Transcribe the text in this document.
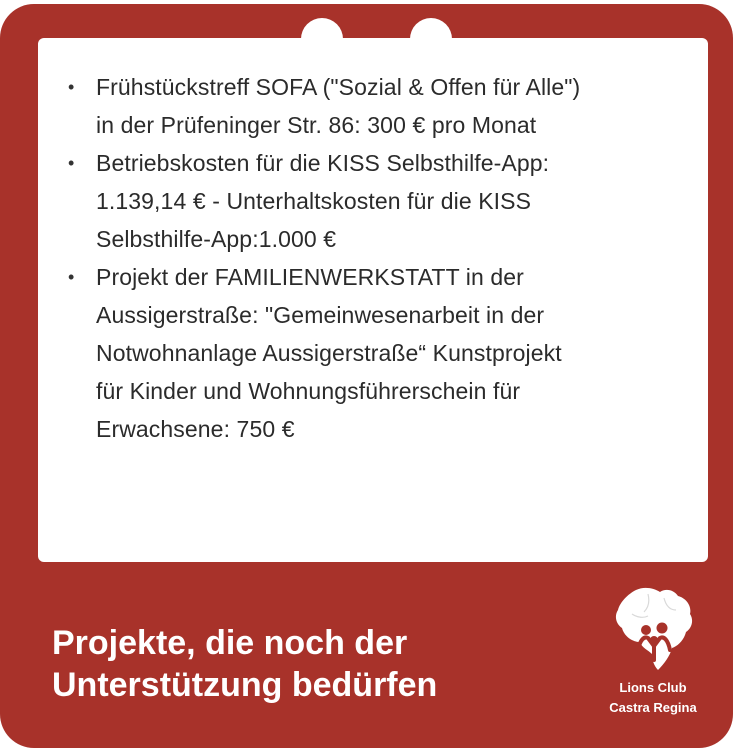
• Frühstückstreff SOFA ("Sozial & Offen für Alle")
in der Prüfeninger Str. 86: 300 € pro Monat
• Betriebskosten für die KISS Selbsthilfe-App:
1.139,14 € - Unterhaltskosten für die KISS
Selbsthilfe-App:1.000 €
• Projekt der FAMILIENWERKSTATT in der
Aussigerstraße: "Gemeinwesenarbeit in der
Notwohnanlage Aussigerstraße“ Kunstprojekt
für Kinder und Wohnungsführerschein für
Erwachsene: 750 €
Projekte, die noch der
Unterstützung bedürfen	Lions Club
Castra Regina
